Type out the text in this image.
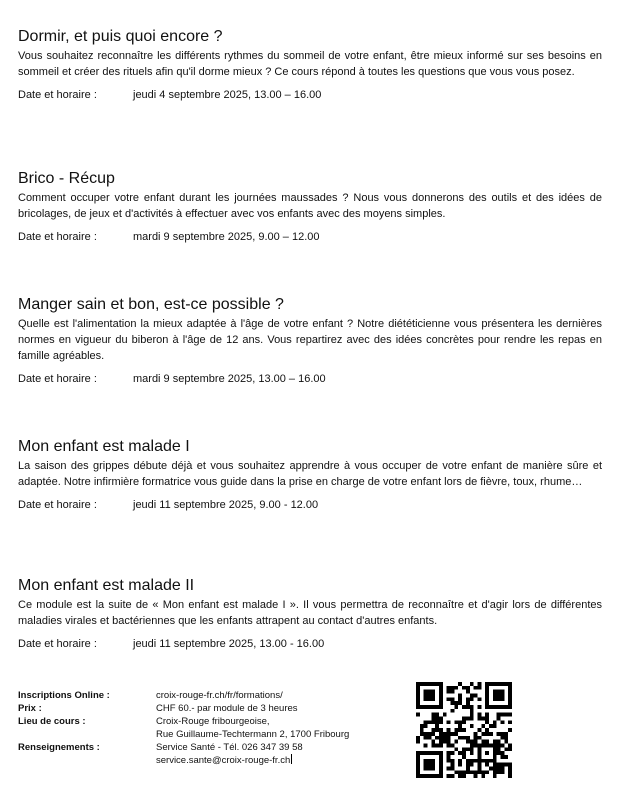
Dormir, et puis quoi encore ?

Vous souhaitez reconnaître les différents rythmes du sommeil de votre enfant, être mieux informé sur ses besoins en sommeil et créer des rituels afin qu'il dorme mieux ? Ce cours répond à toutes les questions que vous vous posez.

Date et horaire :	jeudi 4 septembre 2025, 13.00 – 16.00
Brico - Récup

Comment occuper votre enfant durant les journées maussades ? Nous vous donnerons des outils et des idées de bricolages, de jeux et d'activités à effectuer avec vos enfants avec des moyens simples.

Date et horaire :	mardi 9 septembre 2025, 9.00 – 12.00
Manger sain et bon, est-ce possible ?

Quelle est l'alimentation la mieux adaptée à l'âge de votre enfant ? Notre diététicienne vous présentera les dernières normes en vigueur du biberon à l'âge de 12 ans. Vous repartirez avec des idées concrètes pour rendre les repas en famille agréables.

Date et horaire :	mardi 9 septembre 2025, 13.00 – 16.00
Mon enfant est malade I

La saison des grippes débute déjà et vous souhaitez apprendre à vous occuper de votre enfant de manière sûre et adaptée. Notre infirmière formatrice vous guide dans la prise en charge de votre enfant lors de fièvre, toux, rhume…

Date et horaire :	jeudi 11 septembre 2025, 9.00 - 12.00
Mon enfant est malade II

Ce module est la suite de « Mon enfant est malade I ». Il vous permettra de reconnaître et d'agir lors de différentes maladies virales et bactériennes que les enfants attrapent au contact d'autres enfants.

Date et horaire :	jeudi 11 septembre 2025, 13.00 - 16.00
Inscriptions Online :	croix-rouge-fr.ch/fr/formations/
Prix :	CHF 60.- par module de 3 heures
Lieu de cours :	Croix-Rouge fribourgeoise,
Rue Guillaume-Techtermann 2, 1700 Fribourg
Renseignements :	Service Santé - Tél. 026 347 39 58
service.sante@croix-rouge-fr.ch
